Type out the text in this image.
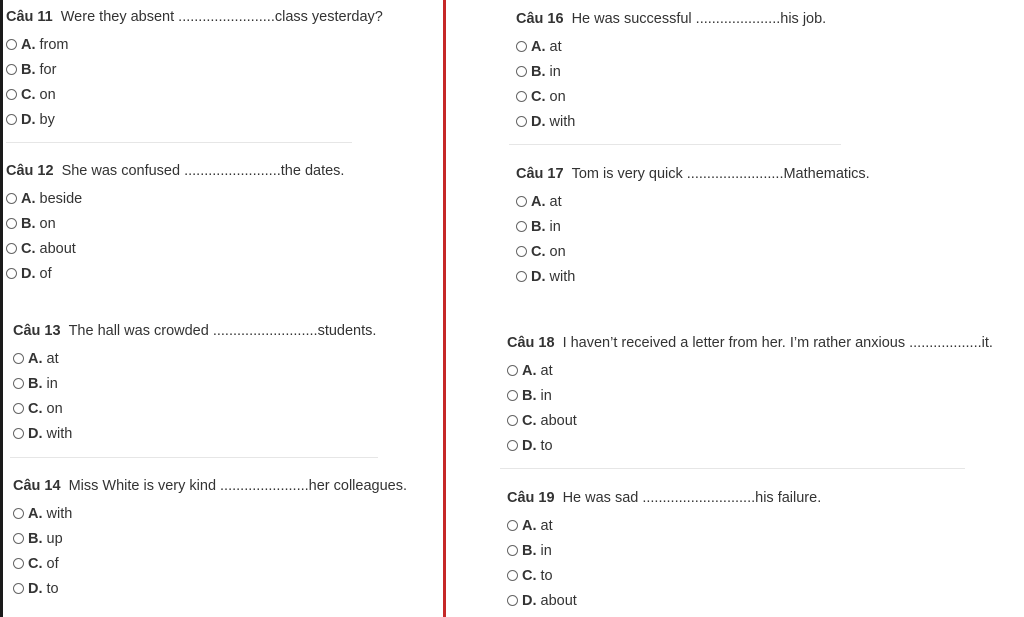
Câu 11 Were they absent ........................class yesterday?
A. from
B. for
C. on
D. by
Câu 12 She was confused ........................the dates.
A. beside
B. on
C. about
D. of
Câu 13 The hall was crowded ..........................students.
A. at
B. in
C. on
D. with
Câu 14 Miss White is very kind ......................her colleagues.
A. with
B. up
C. of
D. to
Câu 16 He was successful .....................his job.
A. at
B. in
C. on
D. with
Câu 17 Tom is very quick ........................Mathematics.
A. at
B. in
C. on
D. with
Câu 18 I haven’t received a letter from her. I’m rather anxious ..................it.
A. at
B. in
C. about
D. to
Câu 19 He was sad ............................his failure.
A. at
B. in
C. to
D. about
